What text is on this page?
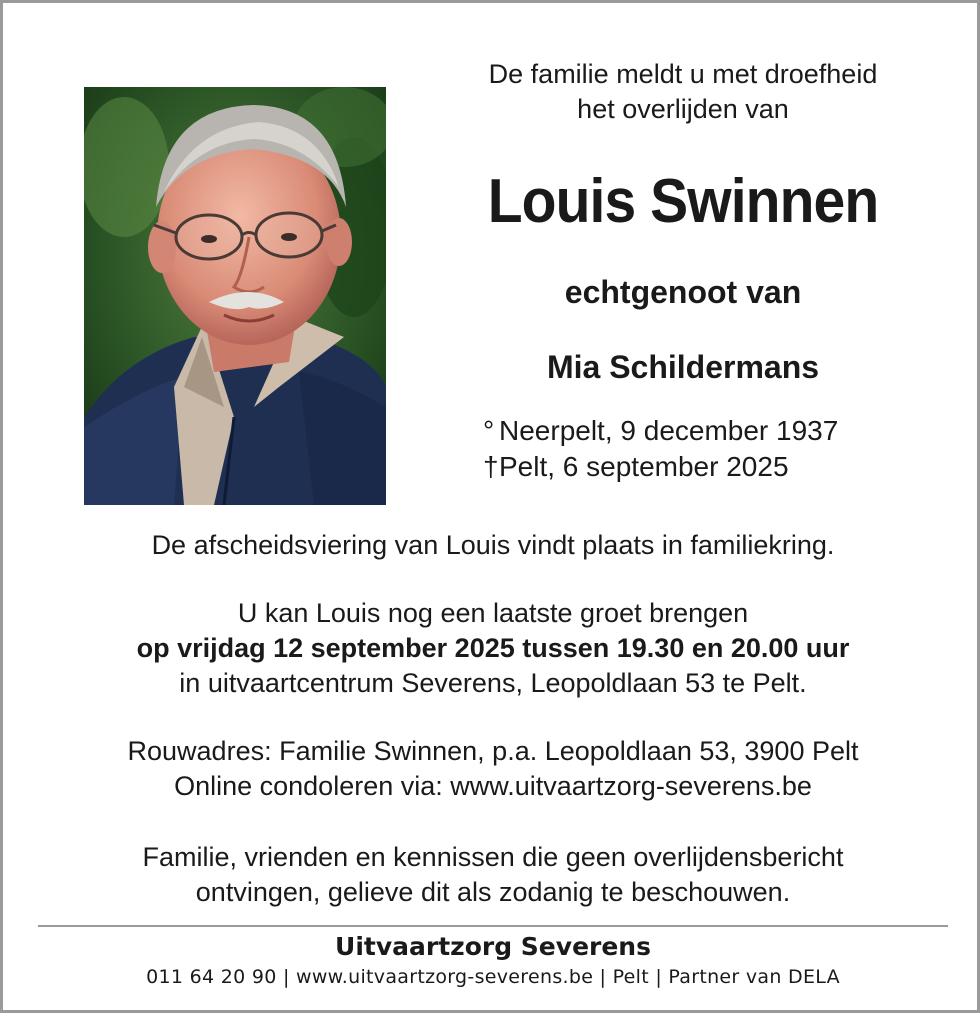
De familie meldt u met droefheid
het overlijden van
Louis Swinnen
echtgenoot van
Mia Schildermans
° Neerpelt, 9 december 1937
†Pelt, 6 september 2025
De afscheidsviering van Louis vindt plaats in familiekring.
U kan Louis nog een laatste groet brengen
op vrijdag 12 september 2025 tussen 19.30 en 20.00 uur
in uitvaartcentrum Severens, Leopoldlaan 53 te Pelt.
Rouwadres: Familie Swinnen, p.a. Leopoldlaan 53, 3900 Pelt
Online condoleren via: www.uitvaartzorg-severens.be
Familie, vrienden en kennissen die geen overlijdensbericht
ontvingen, gelieve dit als zodanig te beschouwen.
Uitvaartzorg Severens
011 64 20 90 | www.uitvaartzorg-severens.be | Pelt | Partner van DELA
